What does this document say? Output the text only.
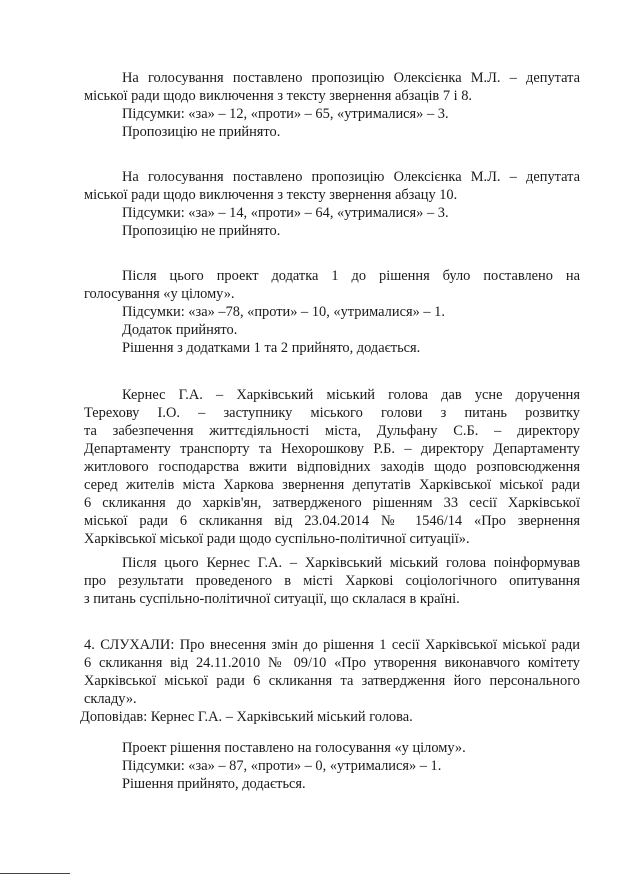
На голосування поставлено пропозицію Олексієнка М.Л. – депутата

міської ради щодо виключення з тексту звернення абзаців 7 і 8.

Підсумки: «за» – 12, «проти» – 65, «утрималися» – 3.

Пропозицію не прийнято.

На голосування поставлено пропозицію Олексієнка М.Л. – депутата

міської ради щодо виключення з тексту звернення абзацу 10.

Підсумки: «за» – 14, «проти» – 64, «утрималися» – 3.

Пропозицію не прийнято.

Після цього проект додатка 1 до рішення було поставлено на

голосування «у цілому».

Підсумки: «за» –78, «проти» – 10, «утрималися» – 1.

Додаток прийнято.

Рішення з додатками 1 та 2 прийнято, додається.

Кернес Г.А. – Харківський міський голова дав усне доручення

Терехову І.О. – заступнику міського голови з питань розвитку

та забезпечення життєдіяльності міста, Дульфану С.Б. – директору

Департаменту транспорту та Нехорошкову Р.Б. – директору Департаменту

житлового господарства вжити відповідних заходів щодо розповсюдження

серед жителів міста Харкова звернення депутатів Харківської міської ради

6 скликання до харків'ян, затвердженого рішенням 33 сесії Харківської

міської ради 6 скликання від 23.04.2014 № 1546/14 «Про звернення

Харківської міської ради щодо суспільно-політичної ситуації».

Після цього Кернес Г.А. – Харківський міський голова поінформував

про результати проведеного в місті Харкові соціологічного опитування

з питань суспільно-політичної ситуації, що склалася в країні.

4. СЛУХАЛИ: Про внесення змін до рішення 1 сесії Харківської міської ради

6 скликання від 24.11.2010 № 09/10 «Про утворення виконавчого комітету

Харківської міської ради 6 скликання та затвердження його персонального

складу».

Доповідав: Кернес Г.А. – Харківський міський голова.

Проект рішення поставлено на голосування «у цілому».

Підсумки: «за» – 87, «проти» – 0, «утрималися» – 1.

Рішення прийнято, додається.
